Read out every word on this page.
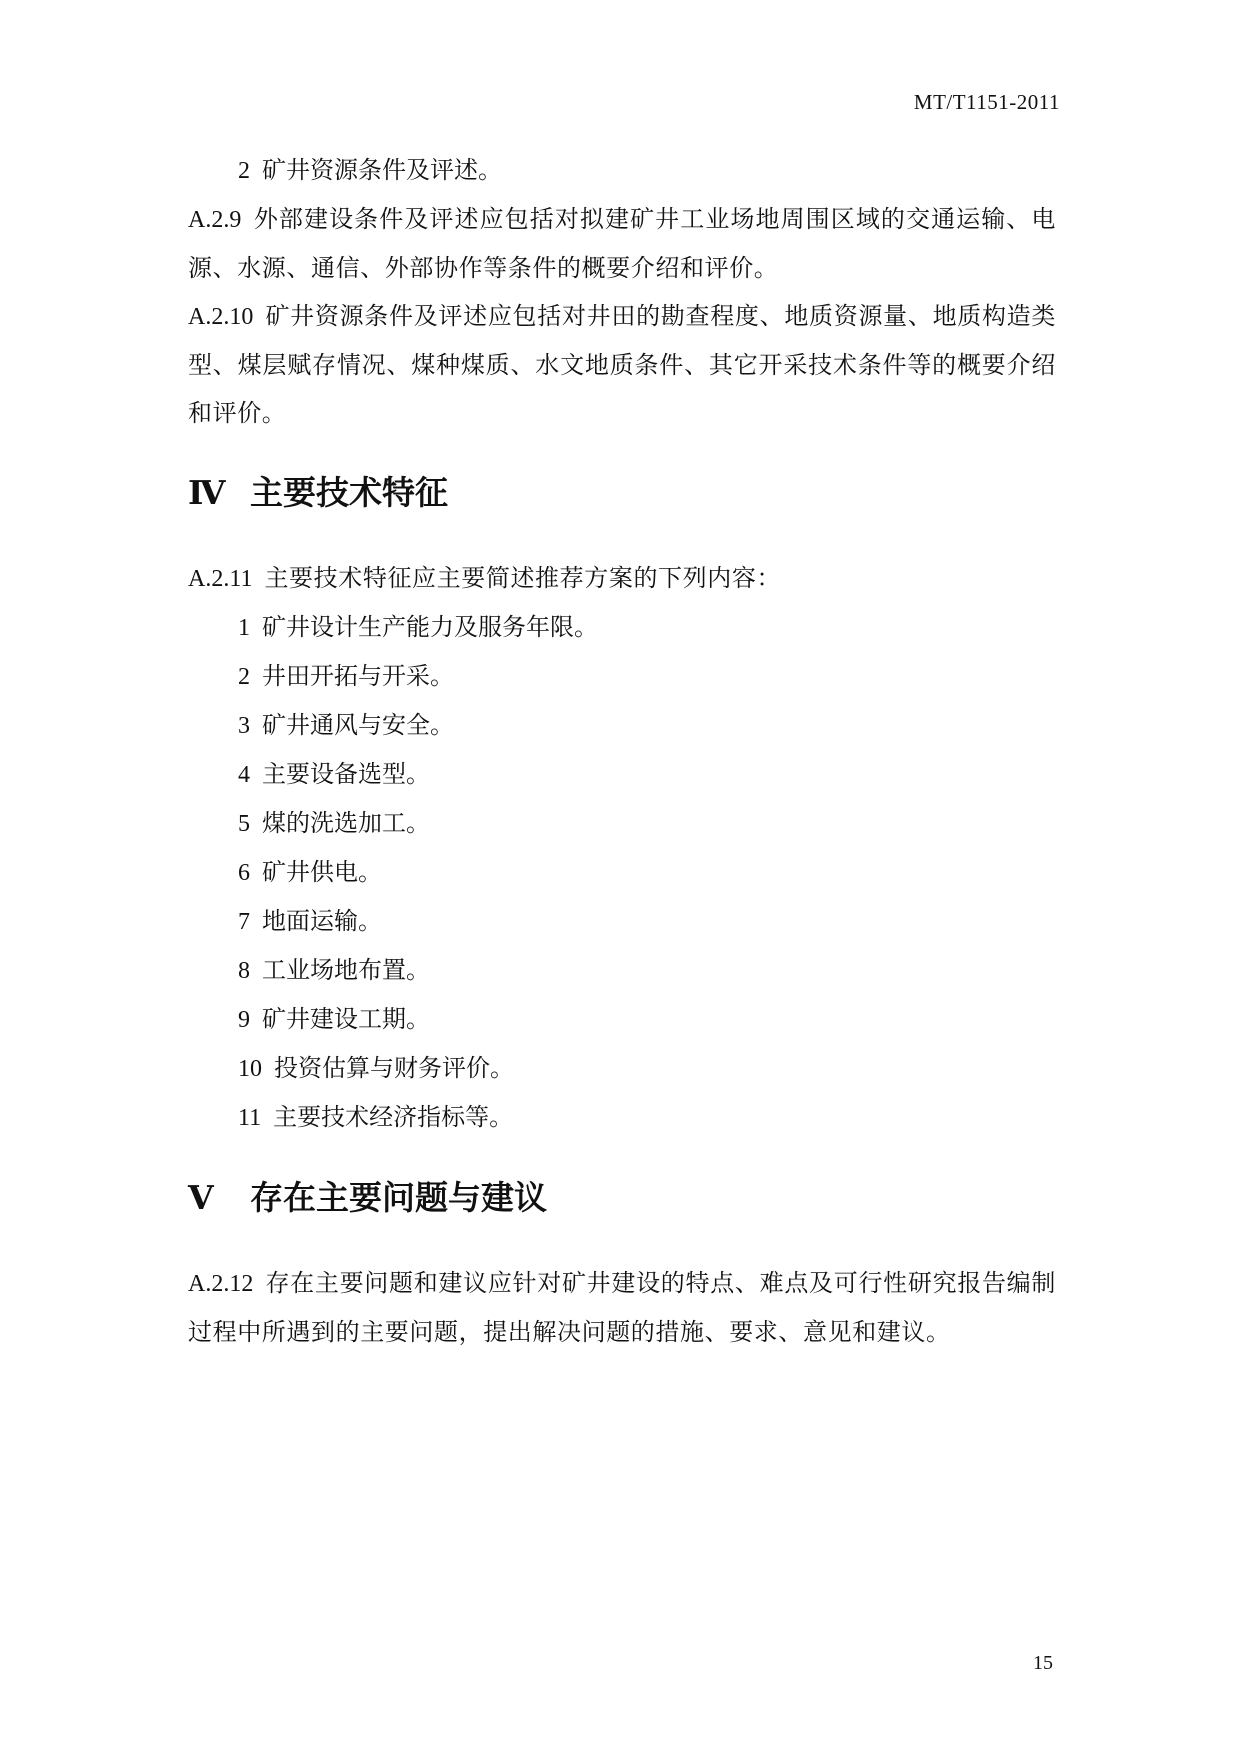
MT/T1151-2011

2 矿井资源条件及评述。

A.2.9 外部建设条件及评述应包括对拟建矿井工业场地周围区域的交通运输、电源、水源、通信、外部协作等条件的概要介绍和评价。

A.2.10 矿井资源条件及评述应包括对井田的勘查程度、地质资源量、地质构造类型、煤层赋存情况、煤种煤质、水文地质条件、其它开采技术条件等的概要介绍和评价。

Ⅳ 主要技术特征

A.2.11 主要技术特征应主要简述推荐方案的下列内容：

1 矿井设计生产能力及服务年限。

2 井田开拓与开采。

3 矿井通风与安全。

4 主要设备选型。

5 煤的洗选加工。

6 矿井供电。

7 地面运输。

8 工业场地布置。

9 矿井建设工期。

10 投资估算与财务评价。

11 主要技术经济指标等。

Ⅴ 存在主要问题与建议

A.2.12 存在主要问题和建议应针对矿井建设的特点、难点及可行性研究报告编制过程中所遇到的主要问题，提出解决问题的措施、要求、意见和建议。

15
